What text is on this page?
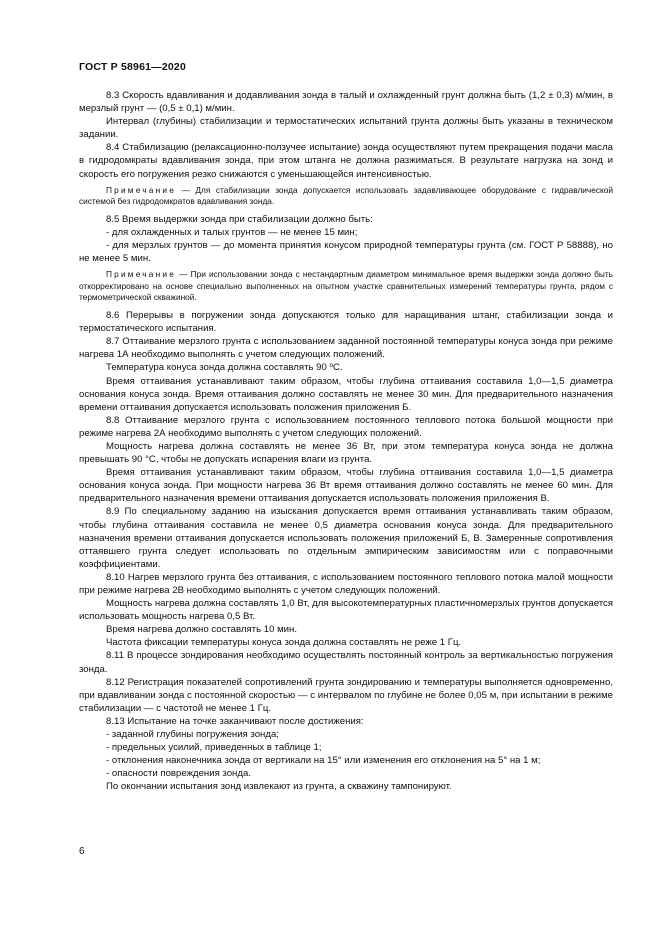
ГОСТ Р 58961—2020

8.3 Скорость вдавливания и додавливания зонда в талый и охлажденный грунт должна быть (1,2 ± 0,3) м/мин, в мерзлый грунт — (0,5 ± 0,1) м/мин.

Интервал (глубины) стабилизации и термостатических испытаний грунта должны быть указаны в техническом задании.

8.4 Стабилизацию (релаксационно-ползучее испытание) зонда осуществляют путем прекращения подачи масла в гидродомкраты вдавливания зонда, при этом штанга не должна разжиматься. В результате нагрузка на зонд и скорость его погружения резко снижаются с уменьшающейся интенсивностью.

Примечание — Для стабилизации зонда допускается использовать задавливающее оборудование с гидравлической системой без гидродомкратов вдавливания зонда.

8.5 Время выдержки зонда при стабилизации должно быть:

- для охлажденных и талых грунтов — не менее 15 мин;

- для мерзлых грунтов — до момента принятия конусом природной температуры грунта (см. ГОСТ Р 58888), но не менее 5 мин.

Примечание — При использовании зонда с нестандартным диаметром минимальное время выдержки зонда должно быть откорректировано на основе специально выполненных на опытном участке сравнительных измерений температуры грунта, рядом с термометрической скважиной.

8.6 Перерывы в погружении зонда допускаются только для наращивания штанг, стабилизации зонда и термостатического испытания.

8.7 Оттаивание мерзлого грунта с использованием заданной постоянной температуры конуса зонда при режиме нагрева 1А необходимо выполнять с учетом следующих положений.

Температура конуса зонда должна составлять 90 ºС.

Время оттаивания устанавливают таким образом, чтобы глубина оттаивания составила 1,0—1,5 диаметра основания конуса зонда. Время оттаивания должно составлять не менее 30 мин. Для предварительного назначения времени оттаивания допускается использовать положения приложения Б.

8.8 Оттаивание мерзлого грунта с использованием постоянного теплового потока большой мощности при режиме нагрева 2А необходимо выполнять с учетом следующих положений.

Мощность нагрева должна составлять не менее 36 Вт, при этом температура конуса зонда не должна превышать 90 °С, чтобы не допускать испарения влаги из грунта.

Время оттаивания устанавливают таким образом, чтобы глубина оттаивания составила 1,0—1,5 диаметра основания конуса зонда. При мощности нагрева 36 Вт время оттаивания должно составлять не менее 60 мин. Для предварительного назначения времени оттаивания допускается использовать положения приложения В.

8.9 По специальному заданию на изыскания допускается время оттаивания устанавливать таким образом, чтобы глубина оттаивания составила не менее 0,5 диаметра основания конуса зонда. Для предварительного назначения времени оттаивания допускается использовать положения приложений Б, В. Замеренные сопротивления оттаявшего грунта следует использовать по отдельным эмпирическим зависимостям или с поправочными коэффициентами.

8.10 Нагрев мерзлого грунта без оттаивания, с использованием постоянного теплового потока малой мощности при режиме нагрева 2В необходимо выполнять с учетом следующих положений.

Мощность нагрева должна составлять 1,0 Вт, для высокотемпературных пластичномерзлых грунтов допускается использовать мощность нагрева 0,5 Вт.

Время нагрева должно составлять 10 мин.

Частота фиксации температуры конуса зонда должна составлять не реже 1 Гц.

8.11 В процессе зондирования необходимо осуществлять постоянный контроль за вертикальностью погружения зонда.

8.12 Регистрация показателей сопротивлений грунта зондированию и температуры выполняется одновременно, при вдавливании зонда с постоянной скоростью — с интервалом по глубине не более 0,05 м, при испытании в режиме стабилизации — с частотой не менее 1 Гц.

8.13 Испытание на точке заканчивают после достижения:

- заданной глубины погружения зонда;

- предельных усилий, приведенных в таблице 1;

- отклонения наконечника зонда от вертикали на 15° или изменения его отклонения на 5° на 1 м;

- опасности повреждения зонда.

По окончании испытания зонд извлекают из грунта, а скважину тампонируют.

6
